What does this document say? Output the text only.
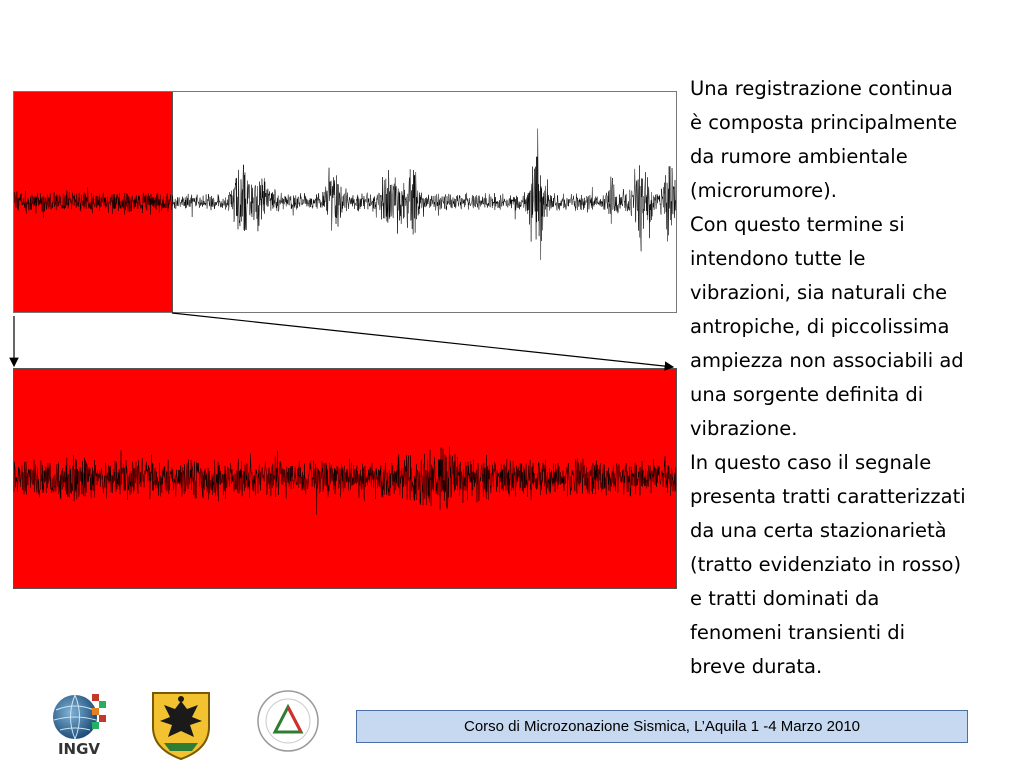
Una registrazione continua
è composta principalmente
da rumore ambientale
(microrumore).

Con questo termine si
intendono tutte le
vibrazioni, sia naturali che
antropiche, di piccolissima
ampiezza non associabili ad
una sorgente definita di
vibrazione.

In questo caso il segnale
presenta tratti caratterizzati
da una certa stazionarietà
(tratto evidenziato in rosso)
e tratti dominati da
fenomeni transienti di
breve durata.

INGV
Corso di Microzonazione Sismica, L’Aquila 1 -4 Marzo 2010
